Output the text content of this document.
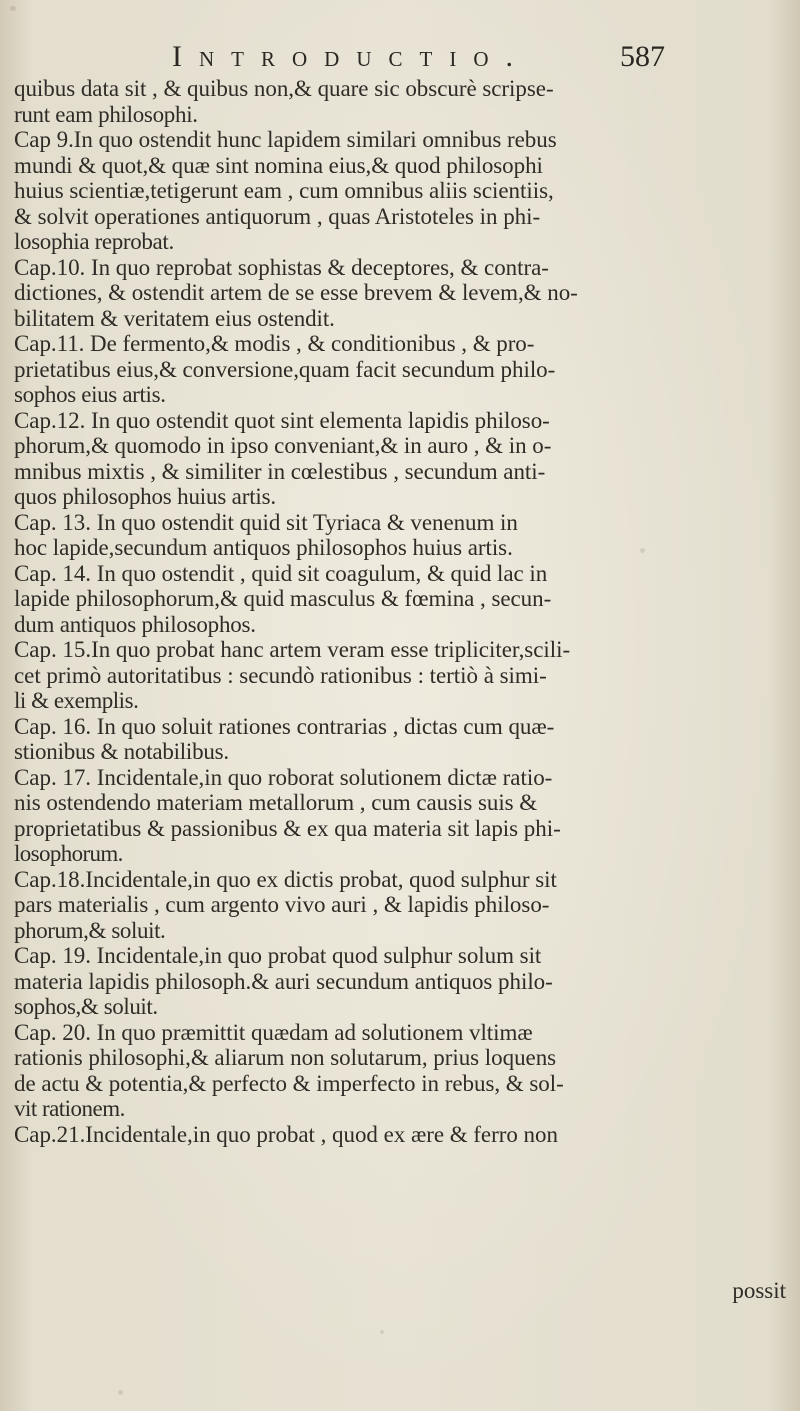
Introductio.	587
quibus data sit , & quibus non,& quare sic obscurè scripse-
runt eam philosophi.
Cap 9.In quo ostendit hunc lapidem similari omnibus rebus
mundi & quot,& quæ sint nomina eius,& quod philosophi
huius scientiæ,tetigerunt eam , cum omnibus aliis scientiis,
& solvit operationes antiquorum , quas Aristoteles in phi-
losophia reprobat.
Cap.10. In quo reprobat sophistas & deceptores, & contra-
dictiones, & ostendit artem de se esse brevem & levem,& no-
bilitatem & veritatem eius ostendit.
Cap.11. De fermento,& modis , & conditionibus , & pro-
prietatibus eius,& conversione,quam facit secundum philo-
sophos eius artis.
Cap.12. In quo ostendit quot sint elementa lapidis philoso-
phorum,& quomodo in ipso conveniant,& in auro , & in o-
mnibus mixtis , & similiter in cœlestibus , secundum anti-
quos philosophos huius artis.
Cap. 13. In quo ostendit quid sit Tyriaca & venenum in
hoc lapide,secundum antiquos philosophos huius artis.
Cap. 14. In quo ostendit , quid sit coagulum, & quid lac in
lapide philosophorum,& quid masculus & fœmina , secun-
dum antiquos philosophos.
Cap. 15.In quo probat hanc artem veram esse tripliciter,scili-
cet primò autoritatibus : secundò rationibus : tertiò à simi-
li & exemplis.
Cap. 16. In quo soluit rationes contrarias , dictas cum quæ-
stionibus & notabilibus.
Cap. 17. Incidentale,in quo roborat solutionem dictæ ratio-
nis ostendendo materiam metallorum , cum causis suis &
proprietatibus & passionibus & ex qua materia sit lapis phi-
losophorum.
Cap.18.Incidentale,in quo ex dictis probat, quod sulphur sit
pars materialis , cum argento vivo auri , & lapidis philoso-
phorum,& soluit.
Cap. 19. Incidentale,in quo probat quod sulphur solum sit
materia lapidis philosoph.& auri secundum antiquos philo-
sophos,& soluit.
Cap. 20. In quo præmittit quædam ad solutionem vltimæ
rationis philosophi,& aliarum non solutarum, prius loquens
de actu & potentia,& perfecto & imperfecto in rebus, & sol-
vit rationem.
Cap.21.Incidentale,in quo probat , quod ex ære & ferro non
possit
